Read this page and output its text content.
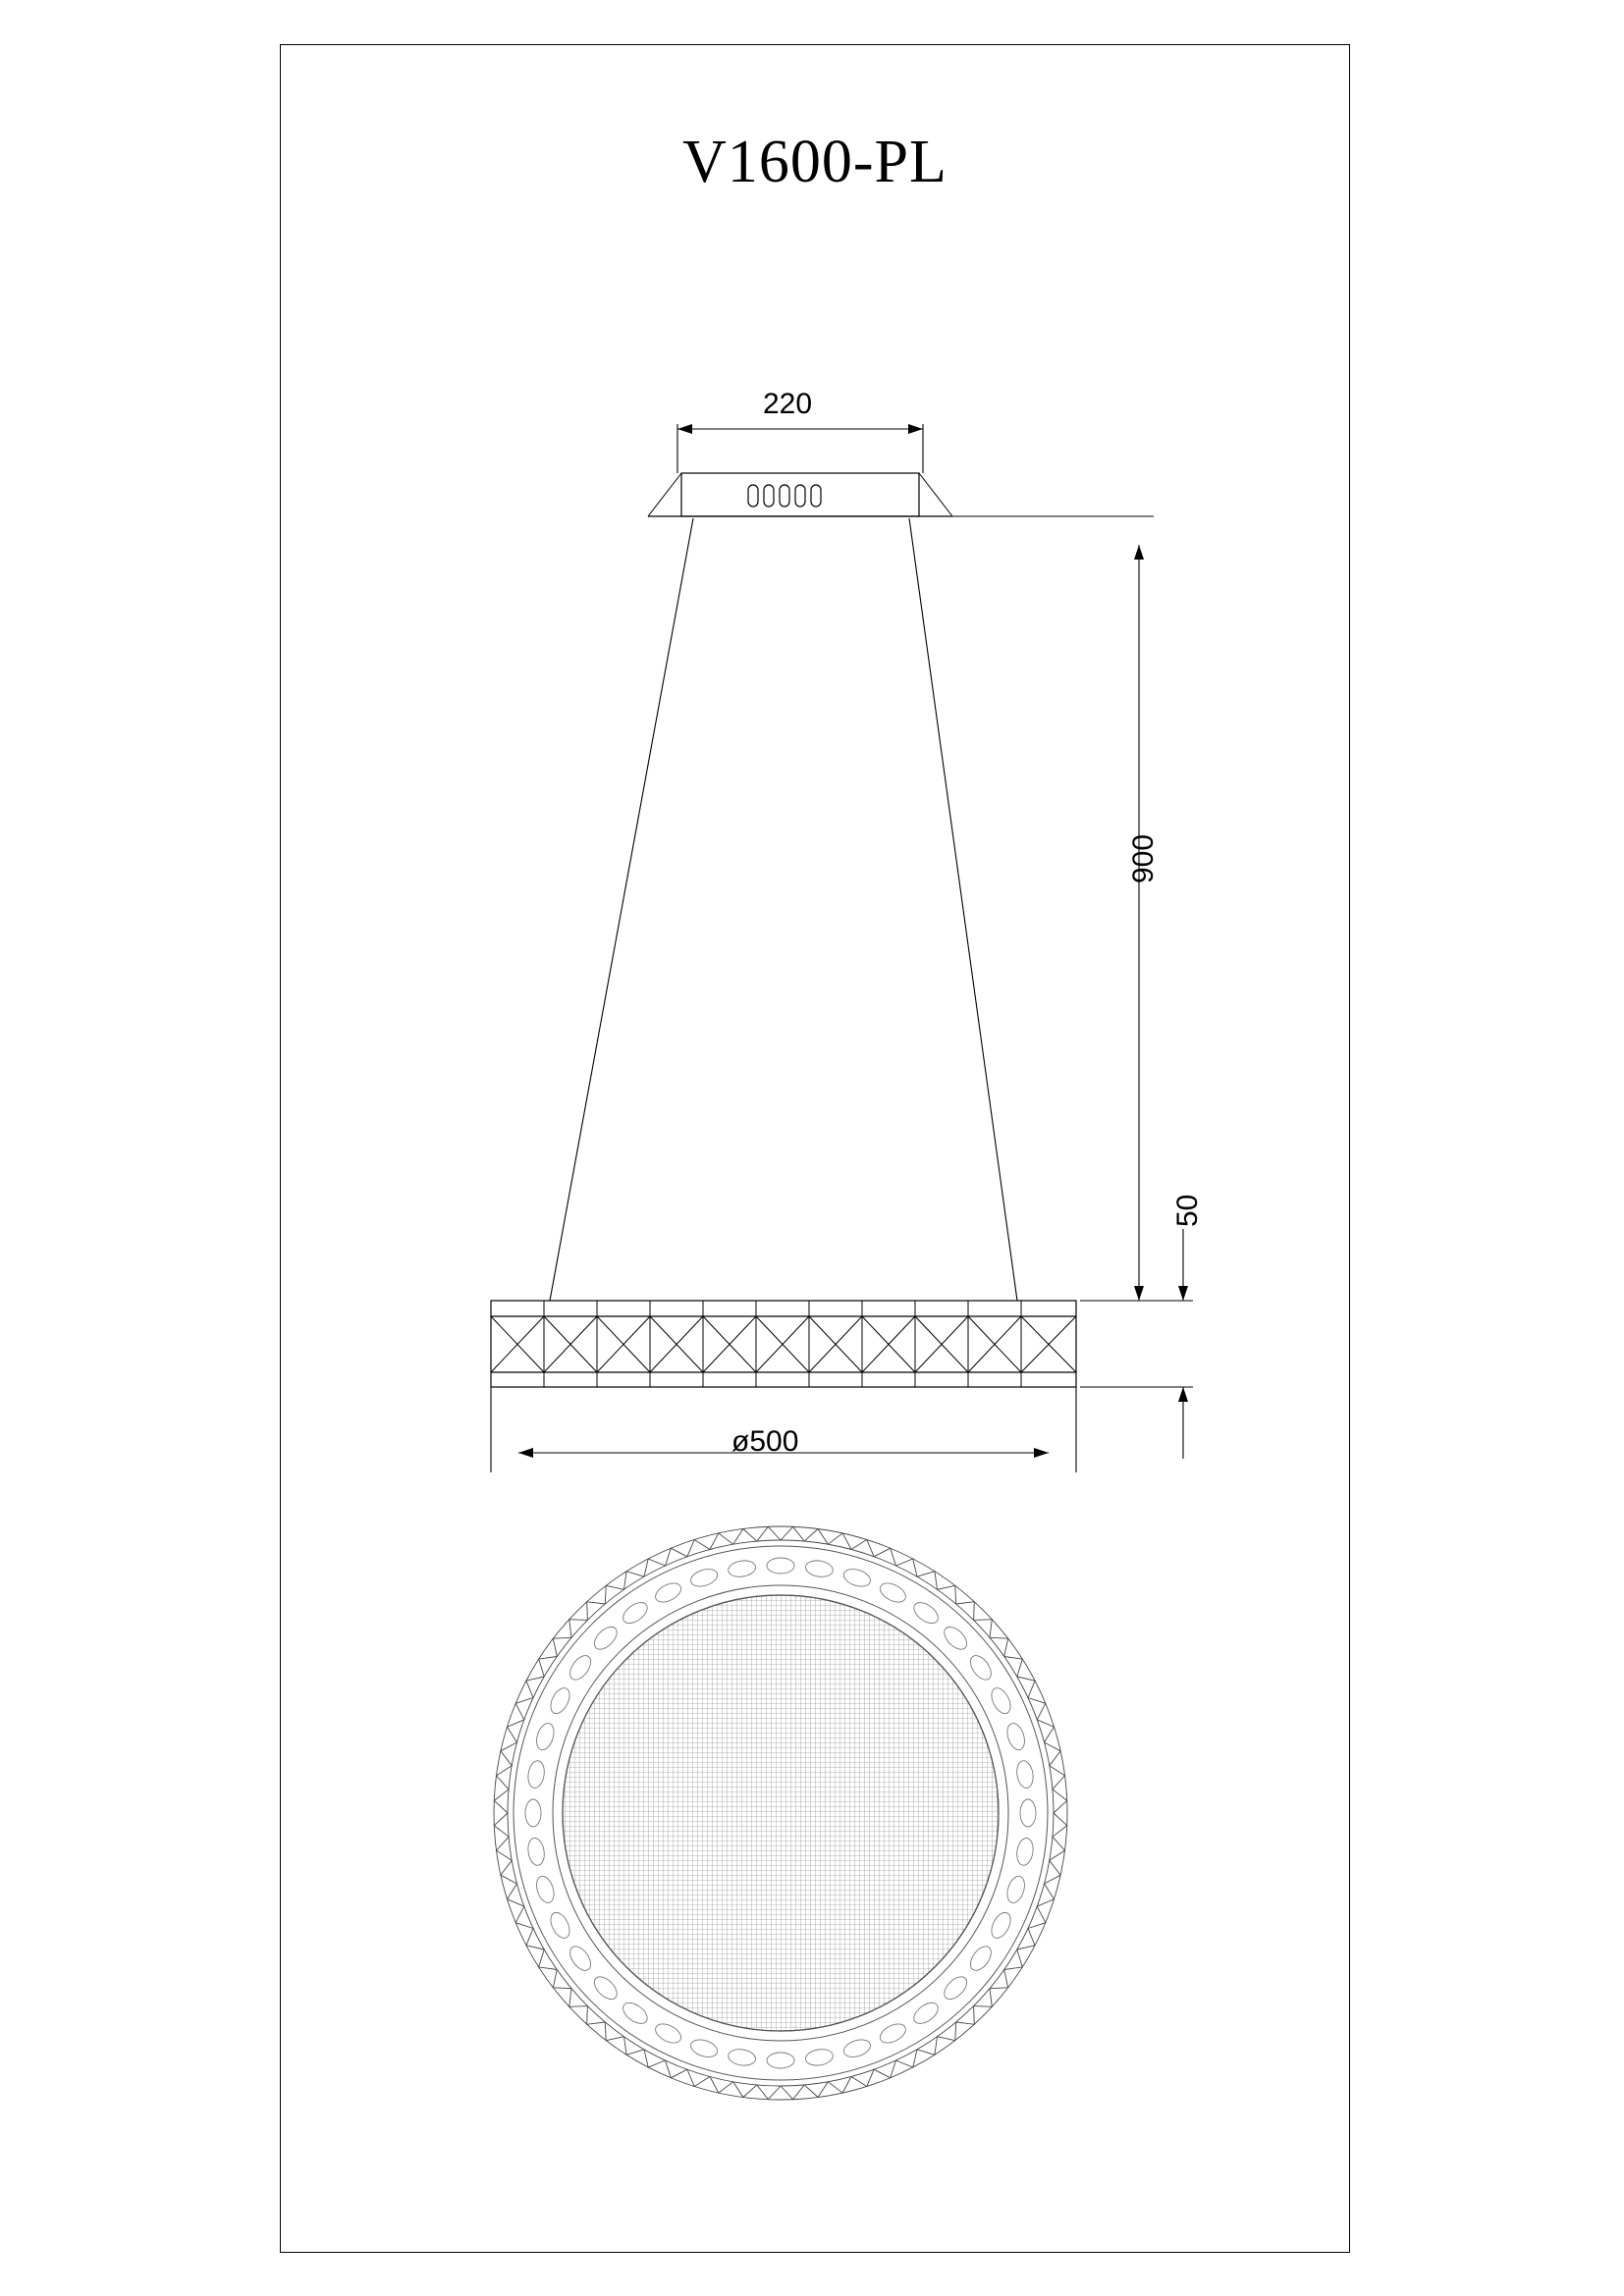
V1600-PL
220
900
50
ø500
